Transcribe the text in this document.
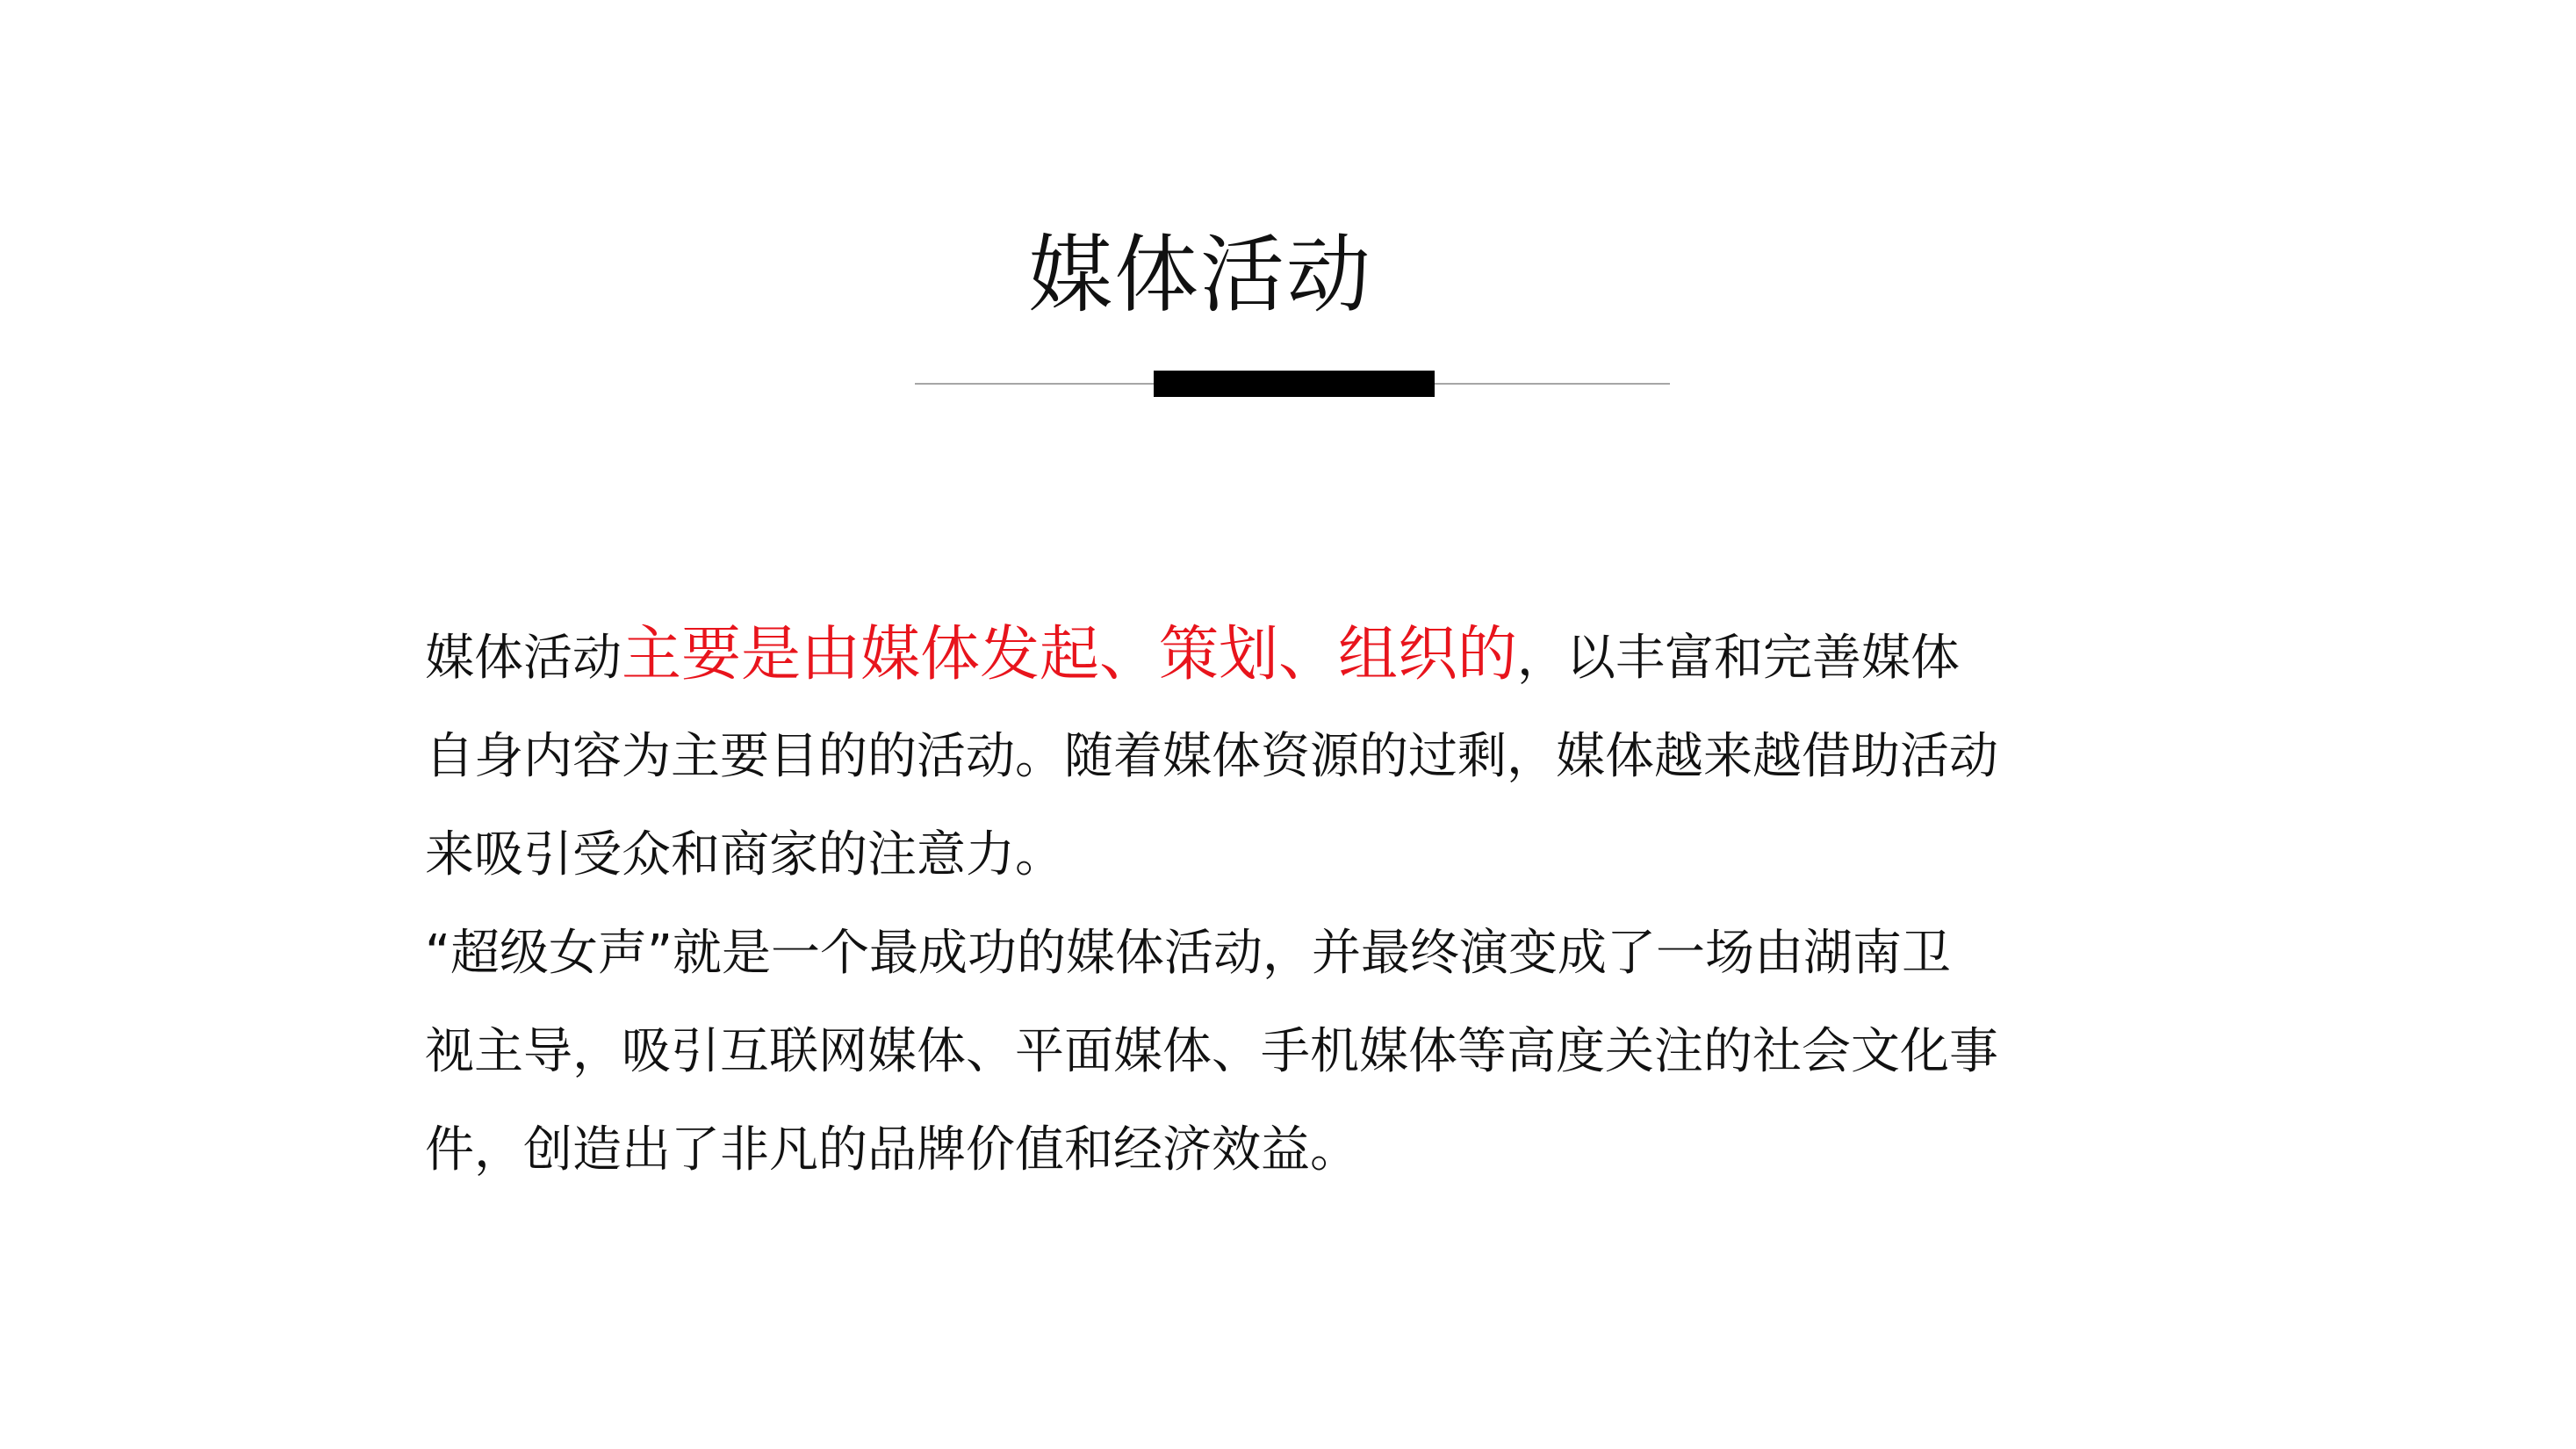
媒体活动

媒体活动主要是由媒体发起、策划、组织的，以丰富和完善媒体

自身内容为主要目的的活动。随着媒体资源的过剩，媒体越来越借助活动

来吸引受众和商家的注意力。

“超级女声”就是一个最成功的媒体活动，并最终演变成了一场由湖南卫

视主导，吸引互联网媒体、平面媒体、手机媒体等高度关注的社会文化事

件，创造出了非凡的品牌价值和经济效益。
